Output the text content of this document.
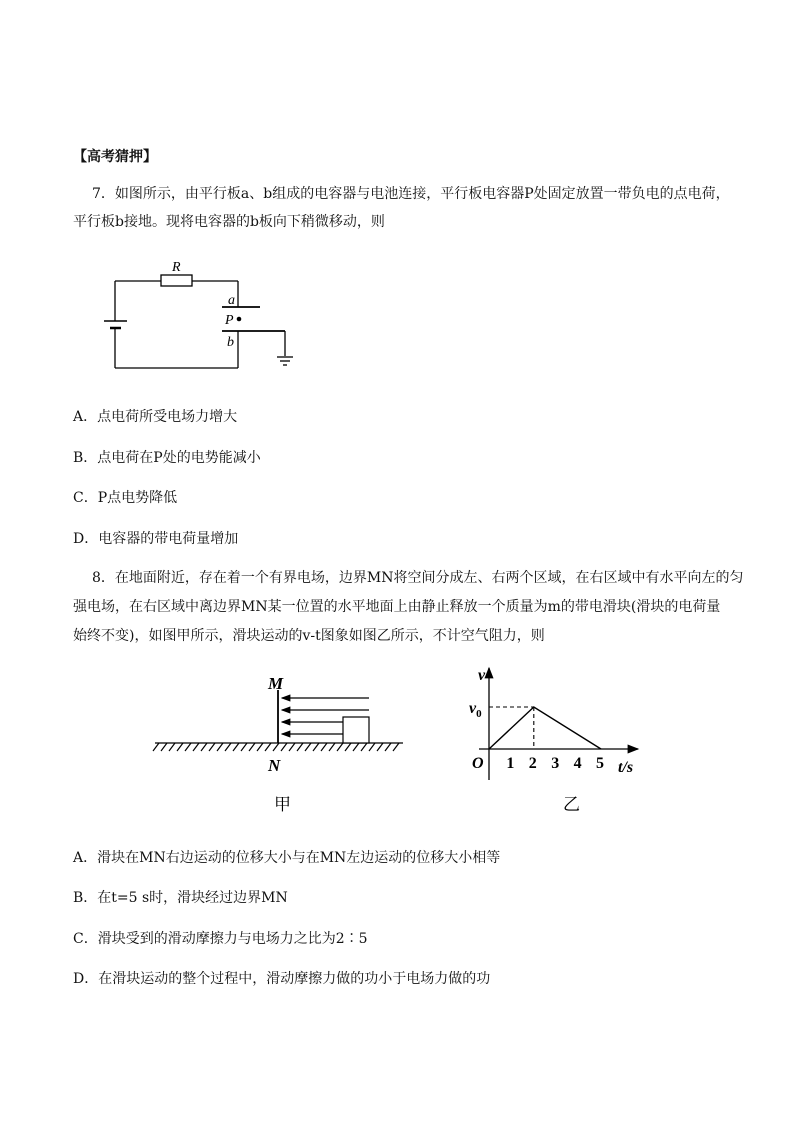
【高考猜押】

7．如图所示，由平行板a、b组成的电容器与电池连接，平行板电容器P处固定放置一带负电的点电荷，

平行板b接地。现将电容器的b板向下稍微移动，则

R
a
P
b

A．点电荷所受电场力增大

B．点电荷在P处的电势能减小

C．P点电势降低

D．电容器的带电荷量增加

8．在地面附近，存在着一个有界电场，边界MN将空间分成左、右两个区域，在右区域中有水平向左的匀

强电场，在右区域中离边界MN某一位置的水平地面上由静止释放一个质量为m的带电滑块(滑块的电荷量

始终不变)，如图甲所示，滑块运动的v-t图象如图乙所示，不计空气阻力，则

M
N
甲
1 2 3 4 5
v
$v_0$
O	t/s
乙

A．滑块在MN右边运动的位移大小与在MN左边运动的位移大小相等

B．在t=5 s时，滑块经过边界MN

C．滑块受到的滑动摩擦力与电场力之比为2∶5

D．在滑块运动的整个过程中，滑动摩擦力做的功小于电场力做的功
